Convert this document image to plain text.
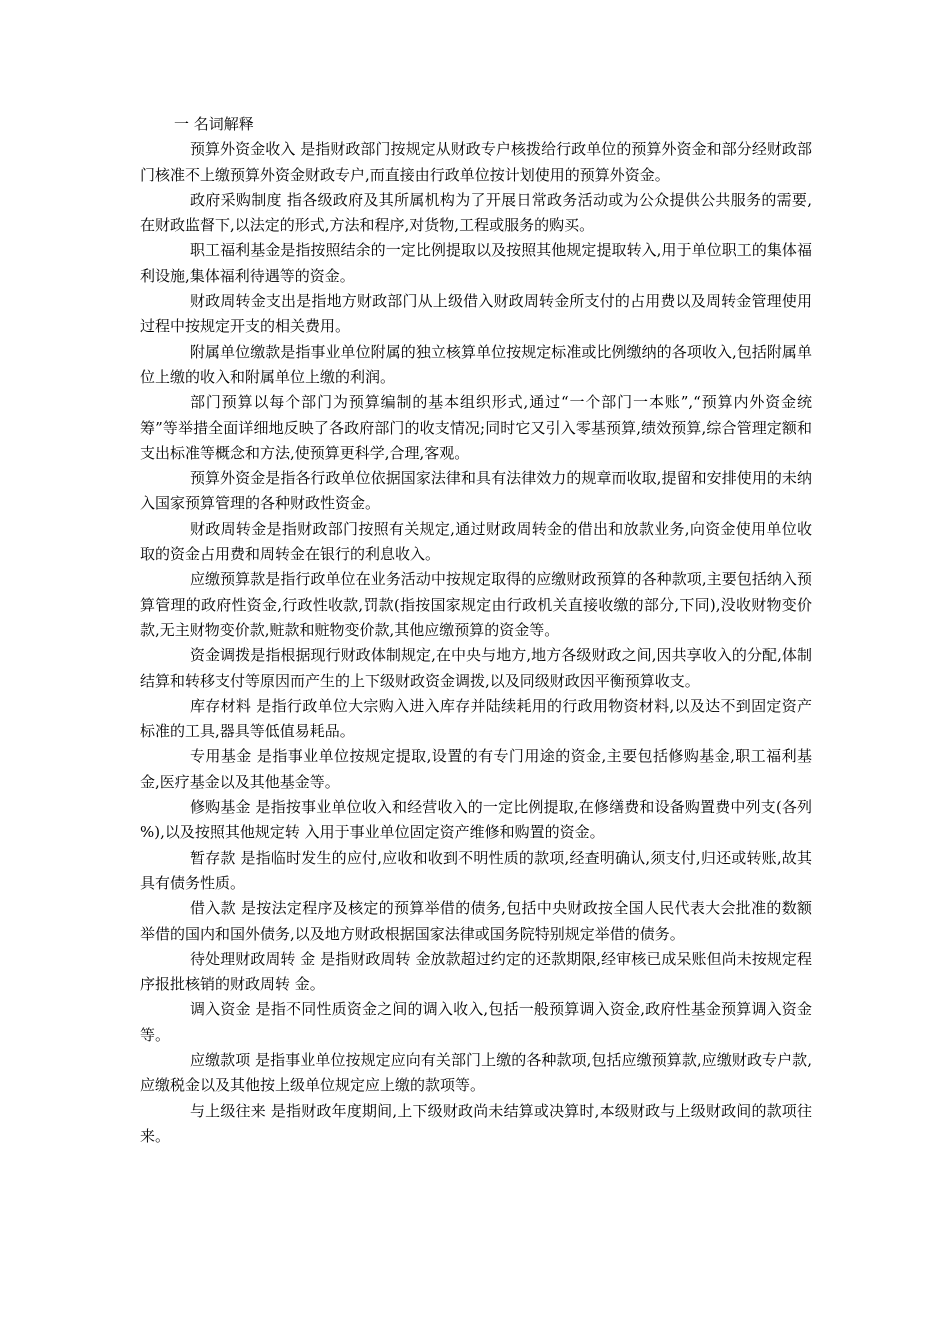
一 名词解释

预算外资金收入 是指财政部门按规定从财政专户核拨给行政单位的预算外资金和部分经财政部门核准不上缴预算外资金财政专户,而直接由行政单位按计划使用的预算外资金。

政府采购制度 指各级政府及其所属机构为了开展日常政务活动或为公众提供公共服务的需要,在财政监督下,以法定的形式,方法和程序,对货物,工程或服务的购买。

职工福利基金是指按照结余的一定比例提取以及按照其他规定提取转入,用于单位职工的集体福利设施,集体福利待遇等的资金。

财政周转金支出是指地方财政部门从上级借入财政周转金所支付的占用费以及周转金管理使用过程中按规定开支的相关费用。

附属单位缴款是指事业单位附属的独立核算单位按规定标准或比例缴纳的各项收入,包括附属单位上缴的收入和附属单位上缴的利润。

部门预算以每个部门为预算编制的基本组织形式,通过“一个部门一本账”,“预算内外资金统筹”等举措全面详细地反映了各政府部门的收支情况;同时它又引入零基预算,绩效预算,综合管理定额和支出标准等概念和方法,使预算更科学,合理,客观。

预算外资金是指各行政单位依据国家法律和具有法律效力的规章而收取,提留和安排使用的未纳入国家预算管理的各种财政性资金。

财政周转金是指财政部门按照有关规定,通过财政周转金的借出和放款业务,向资金使用单位收取的资金占用费和周转金在银行的利息收入。

应缴预算款是指行政单位在业务活动中按规定取得的应缴财政预算的各种款项,主要包括纳入预算管理的政府性资金,行政性收款,罚款(指按国家规定由行政机关直接收缴的部分,下同),没收财物变价款,无主财物变价款,赃款和赃物变价款,其他应缴预算的资金等。

资金调拨是指根据现行财政体制规定,在中央与地方,地方各级财政之间,因共享收入的分配,体制结算和转移支付等原因而产生的上下级财政资金调拨,以及同级财政因平衡预算收支。

库存材料 是指行政单位大宗购入进入库存并陆续耗用的行政用物资材料,以及达不到固定资产标准的工具,器具等低值易耗品。

专用基金 是指事业单位按规定提取,设置的有专门用途的资金,主要包括修购基金,职工福利基金,医疗基金以及其他基金等。

修购基金 是指按事业单位收入和经营收入的一定比例提取,在修缮费和设备购置费中列支(各列 %),以及按照其他规定转 入用于事业单位固定资产维修和购置的资金。

暂存款 是指临时发生的应付,应收和收到不明性质的款项,经查明确认,须支付,归还或转账,故其具有债务性质。

借入款 是按法定程序及核定的预算举借的债务,包括中央财政按全国人民代表大会批准的数额举借的国内和国外债务,以及地方财政根据国家法律或国务院特别规定举借的债务。

待处理财政周转 金 是指财政周转 金放款超过约定的还款期限,经审核已成呆账但尚未按规定程序报批核销的财政周转 金。

调入资金 是指不同性质资金之间的调入收入,包括一般预算调入资金,政府性基金预算调入资金等。

应缴款项 是指事业单位按规定应向有关部门上缴的各种款项,包括应缴预算款,应缴财政专户款,应缴税金以及其他按上级单位规定应上缴的款项等。

与上级往来 是指财政年度期间,上下级财政尚未结算或决算时,本级财政与上级财政间的款项往来。
